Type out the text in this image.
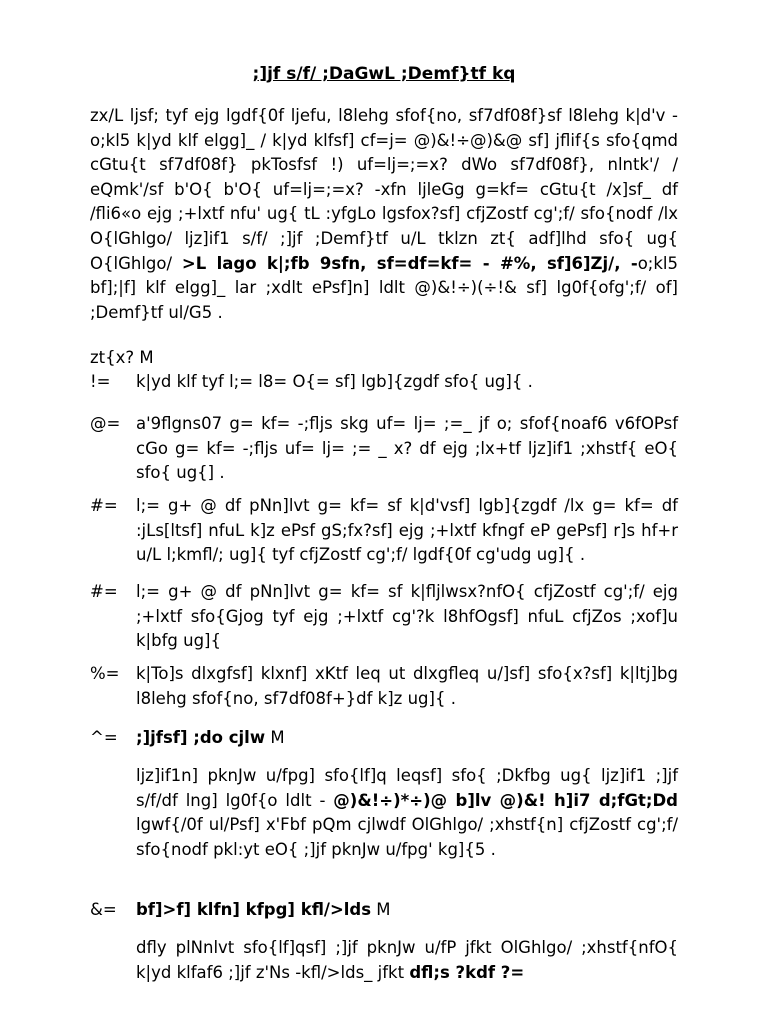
;]jf s/f/ ;DaGwL ;Demf}tf kq
zx/L ljsf; tyf ejg lgdf{0f ljefu, l8lehg sfof{no, sf7df08f}sf l8lehg k|d'v -o;kl5 k|yd klf elgg]_ / k|yd klfsf] cf=j= @)&!÷@)&@ sf] jflif{s sfo{qmd cGtu{t sf7df08f} pkTosfsf !) uf=lj=;=x? dWo sf7df08f}, nlntk'/ / eQmk'/sf b'O{ b'O{ uf=lj=;=x? -xfn ljleGg g=kf= cGtu{t /x]sf_ df /fli6«o ejg ;+lxtf nfu' ug{ tL :yfgLo lgsfox?sf] cfjZostf cg';f/ sfo{nodf /lx O{lGhlgo/ ljz]if1 s/f/ ;]jf ;Demf}tf u/L tklzn zt{ adf]lhd sfo{ ug{ O{lGhlgo/ >L lago k|;fb 9sfn, sf=df=kf= - #%, sf]6]Zj/, -o;kl5 bf];|f] klf elgg]_ lar ;xdlt ePsf]n] ldlt @)&!÷)(÷!& sf] lg0f{ofg';f/ of] ;Demf}tf ul/G5 .
zt{x? M
!= k|yd klf tyf l;= l8= O{= sf] lgb]{zgdf sfo{ ug]{ .
@= a'9flgns07 g= kf= -;fljs skg uf= lj= ;=_ jf o; sfof{noaf6 v6fOPsf cGo g= kf= -;fljs uf= lj= ;= _ x? df ejg ;lx+tf ljz]if1 ;xhstf{ eO{ sfo{ ug{] .
#= l;= g+ @ df pNn]lvt g= kf= sf k|d'vsf] lgb]{zgdf /lx g= kf= df :jLs[ltsf] nfuL k]z ePsf gS;fx?sf] ejg ;+lxtf kfngf eP gePsf] r]s hf+r u/L l;kmfl/; ug]{ tyf cfjZostf cg';f/ lgdf{0f cg'udg ug]{ .
#= l;= g+ @ df pNn]lvt g= kf= sf k|fljlwsx?nfO{ cfjZostf cg';f/ ejg ;+lxtf sfo{Gjog tyf ejg ;+lxtf cg'?k l8hfOgsf] nfuL cfjZos ;xof]u k|bfg ug]{
%= k|To]s dlxgfsf] klxnf] xKtf leq ut dlxgfleq u/]sf] sfo{x?sf] k|ltj]bg l8lehg sfof{no, sf7df08f+}df k]z ug]{ .
^= ;]jfsf] ;do cjlw M
ljz]if1n] pknJw u/fpg] sfo{lf]q leqsf] sfo{ ;Dkfbg ug{ ljz]if1 ;]jf s/f/df lng] lg0f{o ldlt - @)&!÷)*÷)@ b]lv @)&! h]i7 d;fGt;Dd lgwf{/0f ul/Psf] x'Fbf pQm cjlwdf OlGhlgo/ ;xhstf{n] cfjZostf cg';f/ sfo{nodf pkl:yt eO{ ;]jf pknJw u/fpg' kg]{5 .
&= bf]>f] klfn] kfpg] kfl/>lds M
dfly plNnlvt sfo{lf]qsf] ;]jf pknJw u/fP jfkt OlGhlgo/ ;xhstf{nfO{ k|yd klfaf6 ;]jf z'Ns -kfl/>lds_ jfkt dfl;s ?kdf ?=
